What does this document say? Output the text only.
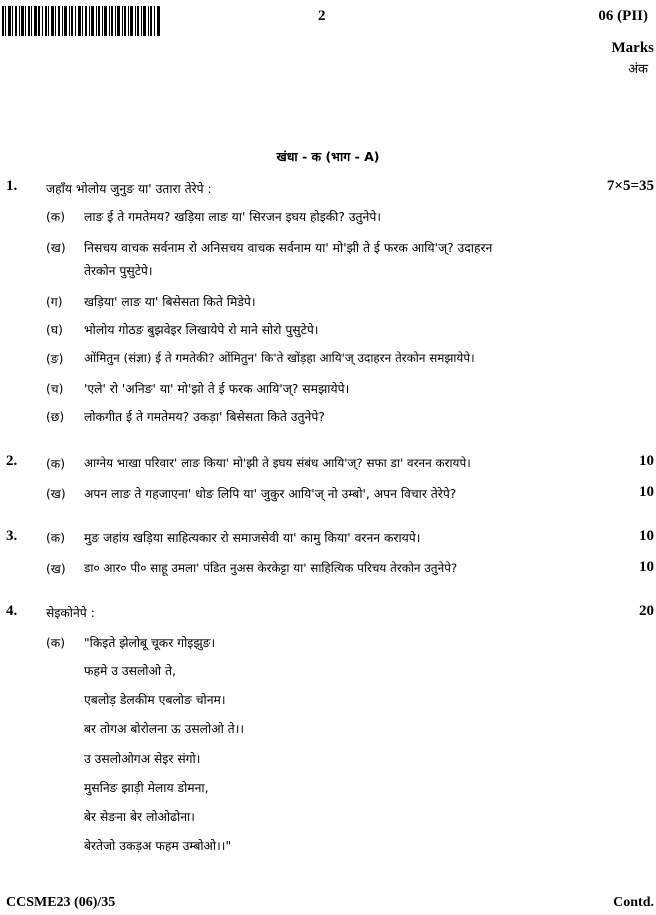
2	06 (PII)
Marks
अंक
खंधा - क (भाग - A)
1. जहाँय भोलोय जुनुङ या' उतारा तेरेपे :	7×5=35
(क) लाङ ई ते गमतेमय? खड़िया लाङ या' सिरजन इघय होइकी? उतुनेपे।
(ख) निसचय वाचक सर्वनाम रो अनिसचय वाचक सर्वनाम या' मो'झी ते ई फरक आयि'ज्? उदाहरन
तेरकोन पुसुटेपे।
(ग) खड़िया' लाङ या' बिसेसता किते मिडेपे।
(घ) भोलोय गोठङ बुझवेइर लिखायेपे रो माने सोरो पुसुटेपे।
(ङ) ओंमितुन (संज्ञा) ई ते गमतेकी? ओंमितुन' कि'ते खोंड़हा आयि'ज् उदाहरन तेरकोन समझायेपे।
(च) 'एले' रो 'अनिङ' या' मो'झो ते ई फरक आयि'ज्? समझायेपे।
(छ) लोकगीत ई ते गमतेमय? उकड़ा' बिसेसता किते उतुनेपे?
2. (क) आग्नेय भाखा परिवार' लाङ किया' मो'झी ते इघय संबंध आयि'ज्? सफा डा' वरनन करायपे।	10
(ख) अपन लाङ ते गहजाएना' धोङ लिपि या' जुकुर आयि'ज् नो उम्बो', अपन विचार तेरेपे?	10
3. (क) मुङ जहांय खड़िया साहित्यकार रो समाजसेवी या' कामु किया' वरनन करायपे।	10
(ख) डा० आर० पी० साहू उमला' पंडित नुअस केरकेट्टा या' साहित्यिक परिचय तेरकोन उतुनेपे?	10
4. सेइकोनेपे :	20
(क) "किइते झेलोबू चूकर गोइझुङ।
फहमे उ उसलोओ ते,
एबलोड़ डेलकीम एबलोङ चोनम।
बर तोगअ बोरोलना ऊ उसलोओ ते।।
उ उसलोओगअ सेइर संगो।
मुसनिङ झाड़ी मेलाय डोमना,
बेर सेङना बेर लोओढोना।
बेरतेजो उकड़अ फहम उम्बोओ।।"
CCSME23 (06)/35	Contd.
